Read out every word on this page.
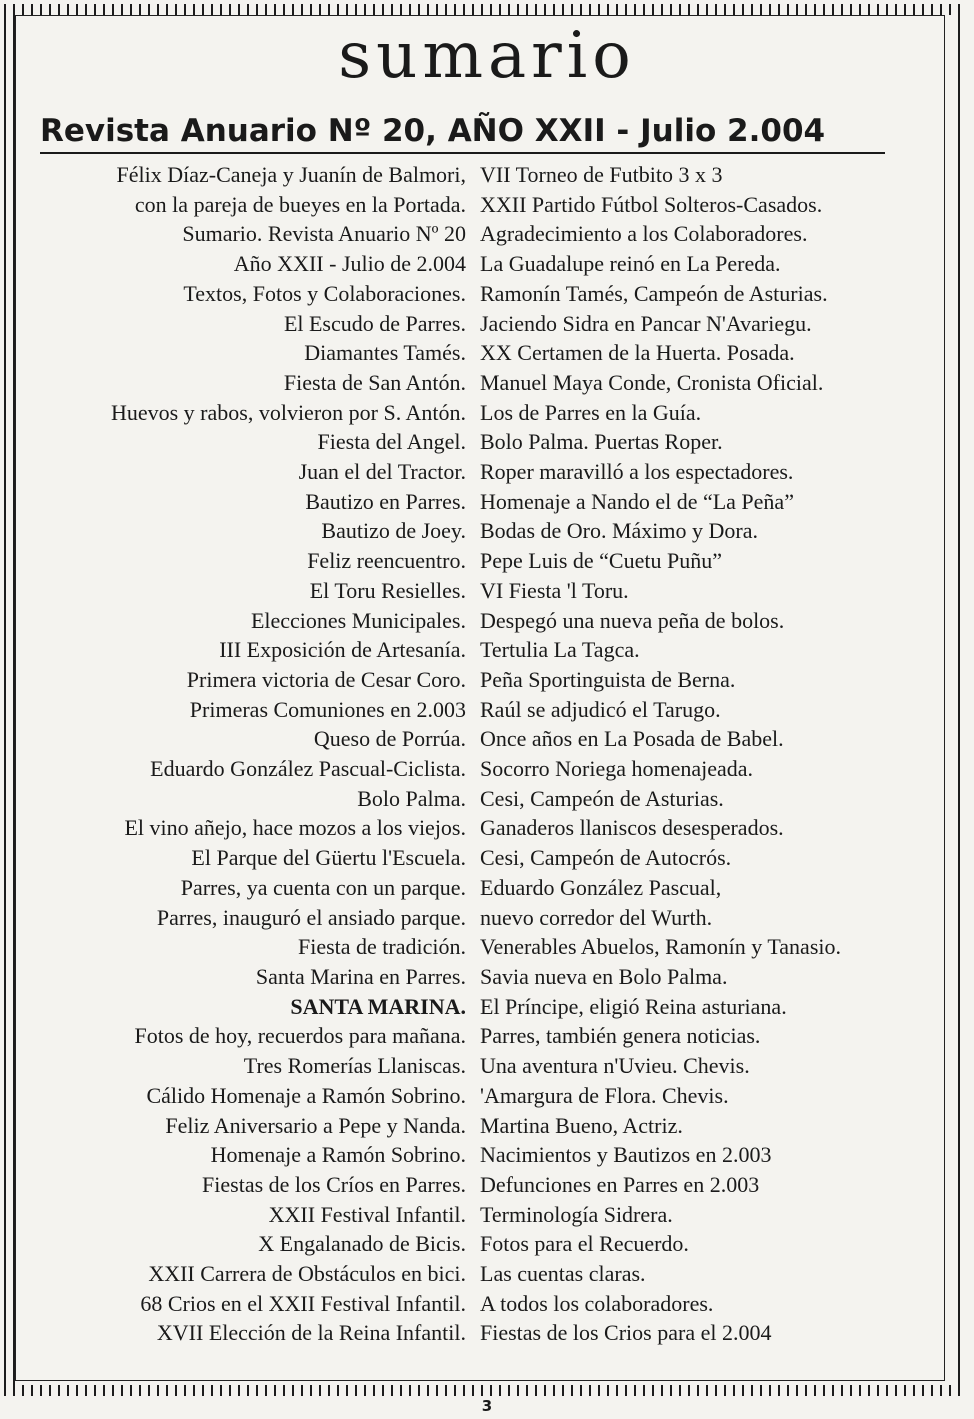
sumario
Revista Anuario Nº 20, AÑO XXII - Julio 2.004
Félix Díaz-Caneja y Juanín de Balmori,
con la pareja de bueyes en la Portada.
Sumario. Revista Anuario Nº 20
Año XXII - Julio de 2.004
Textos, Fotos y Colaboraciones.
El Escudo de Parres.
Diamantes Tamés.
Fiesta de San Antón.
Huevos y rabos, volvieron por S. Antón.
Fiesta del Angel.
Juan el del Tractor.
Bautizo en Parres.
Bautizo de Joey.
Feliz reencuentro.
El Toru Resielles.
Elecciones Municipales.
III Exposición de Artesanía.
Primera victoria de Cesar Coro.
Primeras Comuniones en 2.003
Queso de Porrúa.
Eduardo González Pascual-Ciclista.
Bolo Palma.
El vino añejo, hace mozos a los viejos.
El Parque del Güertu l'Escuela.
Parres, ya cuenta con un parque.
Parres, inauguró el ansiado parque.
Fiesta de tradición.
Santa Marina en Parres.
SANTA MARINA.
Fotos de hoy, recuerdos para mañana.
Tres Romerías Llaniscas.
Cálido Homenaje a Ramón Sobrino.
Feliz Aniversario a Pepe y Nanda.
Homenaje a Ramón Sobrino.
Fiestas de los Críos en Parres.
XXII Festival Infantil.
X Engalanado de Bicis.
XXII Carrera de Obstáculos en bici.
68 Crios en el XXII Festival Infantil.
XVII Elección de la Reina Infantil.
VII Torneo de Futbito 3 x 3
XXII Partido Fútbol Solteros-Casados.
Agradecimiento a los Colaboradores.
La Guadalupe reinó en La Pereda.
Ramonín Tamés, Campeón de Asturias.
Jaciendo Sidra en Pancar N'Avariegu.
XX Certamen de la Huerta. Posada.
Manuel Maya Conde, Cronista Oficial.
Los de Parres en la Guía.
Bolo Palma. Puertas Roper.
Roper maravilló a los espectadores.
Homenaje a Nando el de “La Peña”
Bodas de Oro. Máximo y Dora.
Pepe Luis de “Cuetu Puñu”
VI Fiesta 'l Toru.
Despegó una nueva peña de bolos.
Tertulia La Tagca.
Peña Sportinguista de Berna.
Raúl se adjudicó el Tarugo.
Once años en La Posada de Babel.
Socorro Noriega homenajeada.
Cesi, Campeón de Asturias.
Ganaderos llaniscos desesperados.
Cesi, Campeón de Autocrós.
Eduardo González Pascual,
nuevo corredor del Wurth.
Venerables Abuelos, Ramonín y Tanasio.
Savia nueva en Bolo Palma.
El Príncipe, eligió Reina asturiana.
Parres, también genera noticias.
Una aventura n'Uvieu. Chevis.
'Amargura de Flora. Chevis.
Martina Bueno, Actriz.
Nacimientos y Bautizos en 2.003
Defunciones en Parres en 2.003
Terminología Sidrera.
Fotos para el Recuerdo.
Las cuentas claras.
A todos los colaboradores.
Fiestas de los Crios para el 2.004
3
